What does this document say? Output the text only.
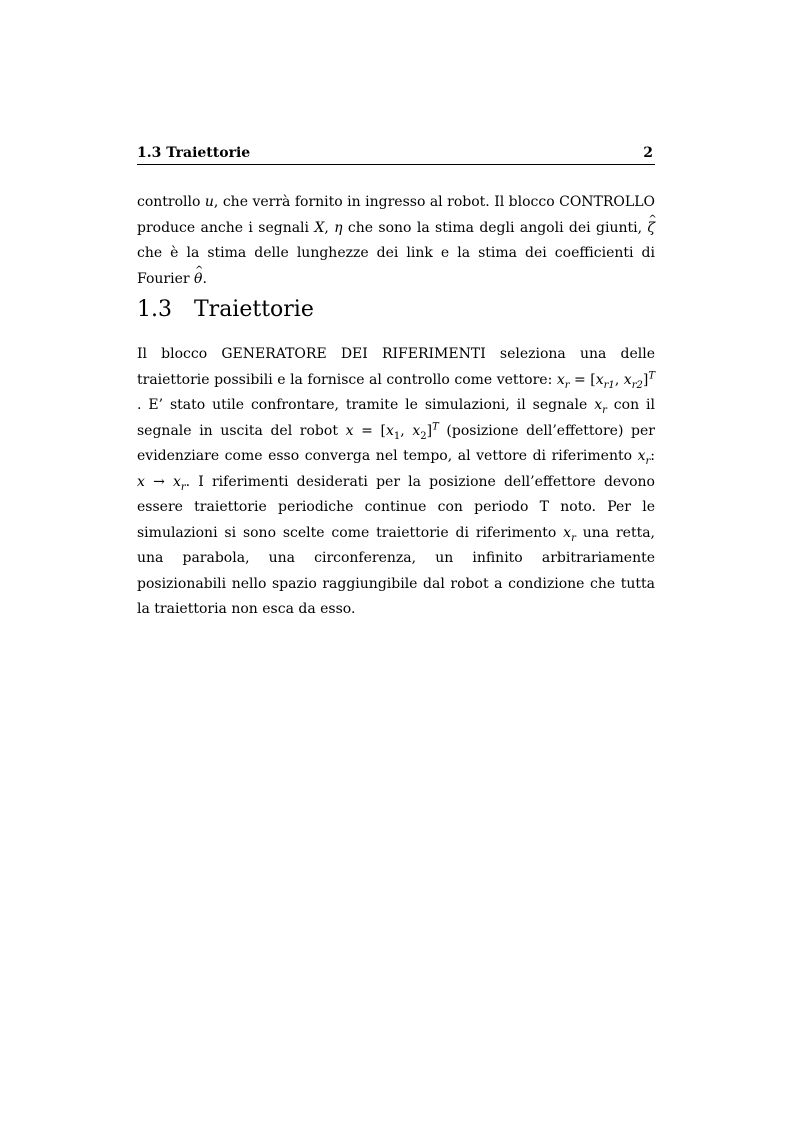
1.3 Traiettorie	2
controllo u, che verrà fornito in ingresso al robot. Il blocco CONTROLLO produce anche i segnali X, η che sono la stima degli angoli dei giunti, ^ ζ che è la stima delle lunghezze dei link e la stima dei coefficienti di Fourier ^ θ.
1.3 Traiettorie
Il blocco GENERATORE DEI RIFERIMENTI seleziona una delle traiettorie possibili e la fornisce al controllo come vettore: $x_r = [x_{r1}$, $x_{r2}]^T$ . E’ stato utile confrontare, tramite le simulazioni, il segnale $x_r$ con il segnale in uscita del robot $x = [x_1$, $x_2]^T$ (posizione dell’effettore) per evidenziare come esso converga nel tempo, al vettore di riferimento $x_r$: $x \to x_r$. I riferimenti desiderati per la posizione dell’effettore devono essere traiettorie periodiche continue con periodo T noto. Per le simulazioni si sono scelte come traiettorie di riferimento $x_r$ una retta, una parabola, una circonferenza, un infinito arbitrariamente posizionabili nello spazio raggiungibile dal robot a condizione che tutta la traiettoria non esca da esso.
